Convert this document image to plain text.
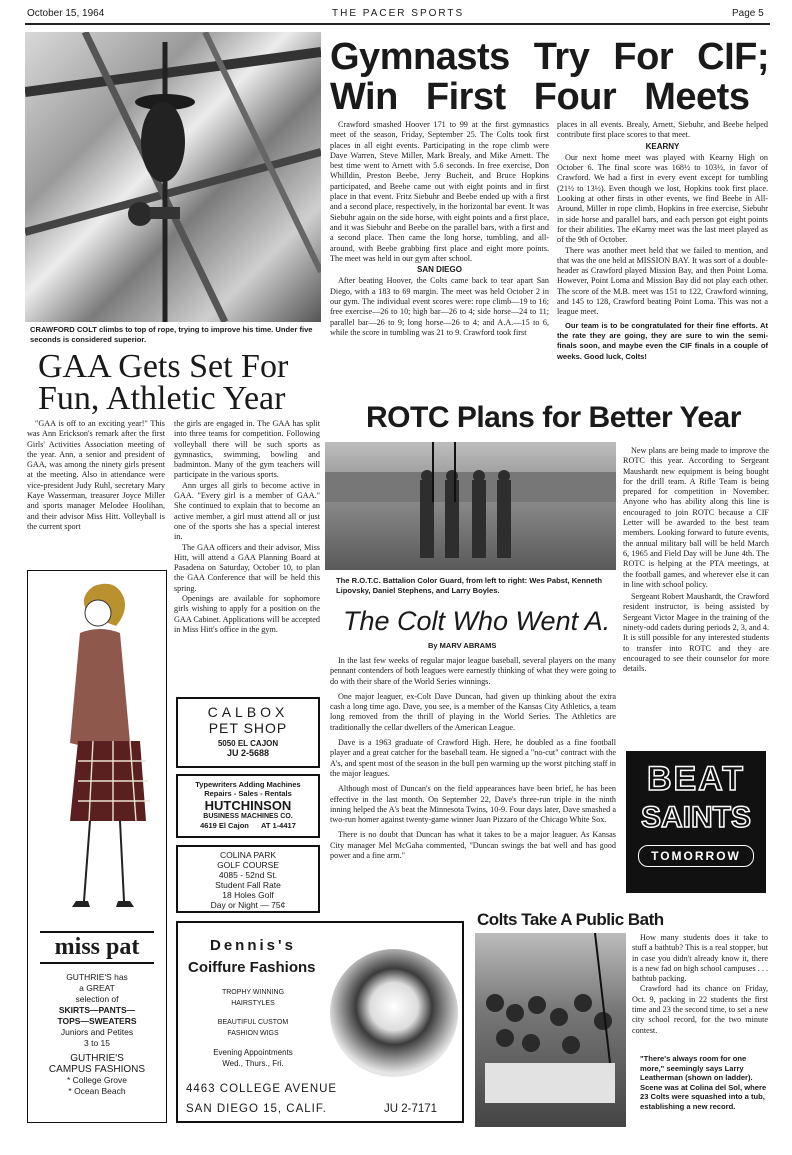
October 15, 1964	THE PACER SPORTS	Page 5
CRAWFORD COLT climbs to top of rope, trying to improve his time. Under five seconds is considered superior.
Gymnasts Try For CIF;
Win First Four Meets

Crawford smashed Hoover 171 to 99 at the first gymnastics meet of the season, Friday, September 25. The Colts took first places in all eight events. Participating in the rope climb were Dave Warren, Steve Miller, Mark Brealy, and Mike Arnett. The best time went to Arnett with 5.6 seconds. In free exercise, Don Whilldin, Preston Beebe, Jerry Bucheit, and Bruce Hopkins participated, and Beebe came out with eight points and in first place in that event. Fritz Siebuhr and Beebe ended up with a first and a second place, respectively, in the horizontal bar event. It was Siebuhr again on the side horse, with eight points and a first place, and it was Siebuhr and Beebe on the parallel bars, with a first and a second place. Then came the long horse, tumbling, and all-around, with Beebe grabbing first place and eight more points. The meet was held in our gym after school.

SAN DIEGO

After beating Hoover, the Colts came back to tear apart San Diego, with a 183 to 69 margin. The meet was held October 2 in our gym. The individual event scores were: rope climb—19 to 16; free exercise—26 to 10; high bar—26 to 4; side horse—24 to 11; parallel bar—26 to 9; long horse—26 to 4; and A.A.—15 to 6, while the score in tumbling was 21 to 9. Crawford took first

places in all events. Brealy, Arnett, Siebuhr, and Beebe helped contribute first place scores to that meet.

KEARNY

Our next home meet was played with Kearny High on October 6. The final score was 168½ to 103½, in favor of Crawford. We had a first in every event except for tumbling (21½ to 13½). Even though we lost, Hopkins took first place. Looking at other firsts in other events, we find Beebe in All-Around, Miller in rope climb, Hopkins in free exercise, Siebuhr in side horse and parallel bars, and each person got eight points for their abilities. The eKarny meet was the last meet played as of the 9th of October.

There was another meet held that we failed to mention, and that was the one held at MISSION BAY. It was sort of a double-header as Crawford played Mission Bay, and then Point Loma. However, Point Loma and Mission Bay did not play each other. The score of the M.B. meet was 151 to 122, Crawford winning, and 145 to 128, Crawford beating Point Loma. This was not a league meet.

Our team is to be congratulated for their fine efforts. At the rate they are going, they are sure to win the semi-finals soon, and maybe even the CIF finals in a couple of weeks. Good luck, Colts!

GAA Gets Set For
Fun, Athletic Year

"GAA is off to an exciting year!" This was Ann Erickson's remark after the first Girls' Activities Association meeting of the year. Ann, a senior and president of GAA, was among the ninety girls present at the meeting. Also in attendance were vice-president Judy Ruhl, secretary Mary Kaye Wasserman, treasurer Joyce Miller and sports manager Melodee Hoolihan, and their advisor Miss Hitt. Volleyball is the current sport

the girls are engaged in. The GAA has split into three teams for competition. Following volleyball there will be such sports as gymnastics, swimming, bowling and badminton. Many of the gym teachers will participate in the various sports.

Ann urges all girls to become active in GAA. "Every girl is a member of GAA." She continued to explain that to become an active member, a girl must attend all or just one of the sports she has a special interest in.

The GAA officers and their advisor, Miss Hitt, will attend a GAA Planning Board at Pasadena on Saturday, October 10, to plan the GAA Conference that will be held this spring.

Openings are available for sophomore girls wishing to apply for a position on the GAA Cabinet. Applications will be accepted in Miss Hitt's office in the gym.

miss pat
GUTHRIE'S has
a GREAT
selection of
SKIRTS—PANTS—
TOPS—SWEATERS
Juniors and Petites
3 to 15
GUTHRIE'S
CAMPUS FASHIONS
* College Grove
* Ocean Beach
CALBOX
PET SHOP
5050 EL CAJON
JU 2-5688
Typewriters Adding Machines
Repairs - Sales - Rentals
HUTCHINSON
BUSINESS MACHINES CO.
4619 El Cajon AT 1-4417
COLINA PARK
GOLF COURSE
4085 - 52nd St.
Student Fall Rate
18 Holes Golf
Day or Night — 75¢
Dennis's
Coiffure Fashions
TROPHY WINNING
HAIRSTYLES
BEAUTIFUL CUSTOM
FASHION WIGS
Evening Appointments
Wed., Thurs., Fri.
4463 COLLEGE AVENUE
SAN DIEGO 15, CALIF.	JU 2-7171
ROTC Plans for Better Year
The R.O.T.C. Battalion Color Guard, from left to right: Wes Pabst, Kenneth Lipovsky, Daniel Stephens, and Larry Boyles.

New plans are being made to improve the ROTC this year. According to Sergeant Maushardt new equipment is being bought for the drill team. A Rifle Team is being prepared for competition in November. Anyone who has ability along this line is encouraged to join ROTC because a CIF Letter will be awarded to the best team members. Looking forward to future events, the annual military ball will be held March 6, 1965 and Field Day will be June 4th. The ROTC is helping at the PTA meetings, at the football games, and wherever else it can in line with school policy.

Sergeant Robert Maushardt, the Crawford resident instructor, is being assisted by Sergeant Victor Magee in the training of the ninety-odd cadets during periods 2, 3, and 4. It is still possible for any interested students to transfer into ROTC and they are encouraged to see their counselor for more details.

The Colt Who Went A.
By MARV ABRAMS

In the last few weeks of regular major league baseball, several players on the many pennant contenders of both leagues were earnestly thinking of what they were going to do with their share of the World Series winnings.

One major leaguer, ex-Colt Dave Duncan, had given up thinking about the extra cash a long time ago. Dave, you see, is a member of the Kansas City Athletics, a team long removed from the thrill of playing in the World Series. The Athletics are traditionally the cellar dwellers of the American League.

Dave is a 1963 graduate of Crawford High. Here, he doubled as a fine football player and a great catcher for the baseball team. He signed a "no-cut" contract with the A's, and spent most of the season in the bull pen warming up the worst pitching staff in the major leagues.

Although most of Duncan's on the field appearances have been brief, he has been effective in the last month. On September 22, Dave's three-run triple in the ninth inning helped the A's beat the Minnesota Twins, 10-9. Four days later, Dave smashed a two-run homer against twenty-game winner Juan Pizzaro of the Chicago White Sox.

There is no doubt that Duncan has what it takes to be a major leaguer. As Kansas City manager Mel McGaha commented, "Duncan swings the bat well and has good power and a fine arm."

BEAT
SAINTS
TOMORROW
Colts Take A Public Bath

How many students does it take to stuff a bathtub? This is a real stopper, but in case you didn't already know it, there is a new fad on high school campuses . . . bathtub packing.

Crawford had its chance on Friday, Oct. 9, packing in 22 students the first time and 23 the second time, to set a new city school record, for the two minute contest.

"There's always room for one more," seemingly says Larry Leatherman (shown on ladder). Scene was at Colina del Sol, where 23 Colts were squashed into a tub, establishing a new record.
